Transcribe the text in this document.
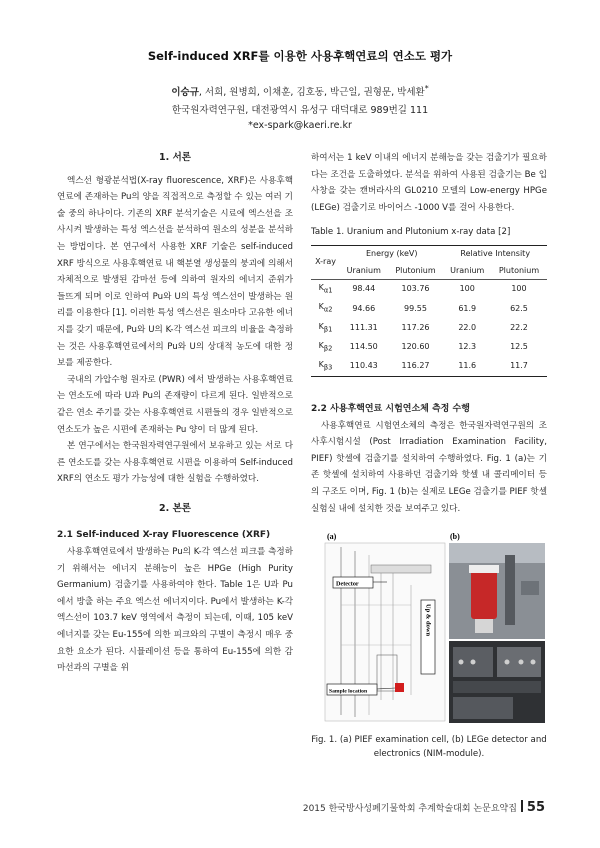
Self-induced XRF를 이용한 사용후핵연료의 연소도 평가
이승규, 서희, 원병희, 이채훈, 김호동, 박근일, 권형문, 박세환*
한국원자력연구원, 대전광역시 유성구 대덕대로 989번길 111
*ex-spark@kaeri.re.kr
1. 서론

엑스선 형광분석법(X-ray fluorescence, XRF)은 사용후핵연료에 존재하는 Pu의 양을 직접적으로 측정할 수 있는 여러 기술 중의 하나이다. 기존의 XRF 분석기술은 시료에 엑스선을 조사시켜 발생하는 특성 엑스선을 분석하여 원소의 성분을 분석하는 방법이다. 본 연구에서 사용한 XRF 기술은 self-induced XRF 방식으로 사용후핵연료 내 핵분열 생성물의 붕괴에 의해서 자체적으로 발생된 감마선 등에 의하여 원자의 에너지 준위가 들뜨게 되며 이로 인하여 Pu와 U의 특성 엑스선이 발생하는 원리를 이용한다 [1]. 이러한 특성 엑스선은 원소마다 고유한 에너지를 갖기 때문에, Pu와 U의 K-각 엑스선 피크의 비율을 측정하는 것은 사용후핵연료에서의 Pu와 U의 상대적 농도에 대한 정보를 제공한다.

국내의 가압수형 원자로 (PWR) 에서 발생하는 사용후핵연료는 연소도에 따라 U과 Pu의 존재량이 다르게 된다. 일반적으로 같은 연소 주기를 갖는 사용후핵연료 시편들의 경우 일반적으로 연소도가 높은 시편에 존재하는 Pu 양이 더 많게 된다.

본 연구에서는 한국원자력연구원에서 보유하고 있는 서로 다른 연소도를 갖는 사용후핵연료 시편을 이용하여 Self-induced XRF의 연소도 평가 가능성에 대한 실험을 수행하였다.

2. 본론
2.1 Self-induced X-ray Fluorescence (XRF)

사용후핵연료에서 발생하는 Pu의 K-각 엑스선 피크를 측정하기 위해서는 에너지 분해능이 높은 HPGe (High Purity Germanium) 검출기를 사용하여야 한다. Table 1은 U과 Pu에서 방출 하는 주요 엑스선 에너지이다. Pu에서 발생하는 K-각 엑스선이 103.7 keV 영역에서 측정이 되는데, 이때, 105 keV 에너지를 갖는 Eu-155에 의한 피크와의 구별이 측정시 매우 중요한 요소가 된다. 시뮬레이션 등을 통하여 Eu-155에 의한 감마선과의 구별을 위

하여서는 1 keV 이내의 에너지 분해능을 갖는 검출기가 필요하다는 조건을 도출하였다. 분석을 위하여 사용된 검출기는 Be 입사창을 갖는 캔버라사의 GL0210 모델의 Low-energy HPGe (LEGe) 검출기로 바이어스 -1000 V를 걸어 사용한다.

Table 1. Uranium and Plutonium x-ray data [2]
X-ray	Energy (keV)		Relative Intensity	
	Uranium	Plutonium	Uranium	Plutonium
$K_{\alpha 1}$	98.44	103.76	100	100
$K_{\alpha 2}$	94.66	99.55	61.9	62.5
$K_{\beta 1}$	111.31	117.26	22.0	22.2
$K_{\beta 2}$	114.50	120.60	12.3	12.5
$K_{\beta 3}$	110.43	116.27	11.6	11.7
2.2 사용후핵연료 시험연소체 측정 수행

사용후핵연료 시험연소체의 측정은 한국원자력연구원의 조사후시험시설 (Post Irradiation Examination Facility, PIEF) 핫셀에 검출기를 설치하여 수행하였다. Fig. 1 (a)는 기존 핫셀에 설치하여 사용하던 검출기와 핫셀 내 콜리메이터 등의 구조도 이며, Fig. 1 (b)는 실제로 LEGe 검출기를 PIEF 핫셀 실험실 내에 설치한 것을 보여주고 있다.

(a)	(b)
Detector
Sample location
Up & down
Fig. 1. (a) PIEF examination cell, (b) LEGe detector and electronics (NIM-module).
2015 한국방사성폐기물학회 추계학술대회 논문요약집 55
